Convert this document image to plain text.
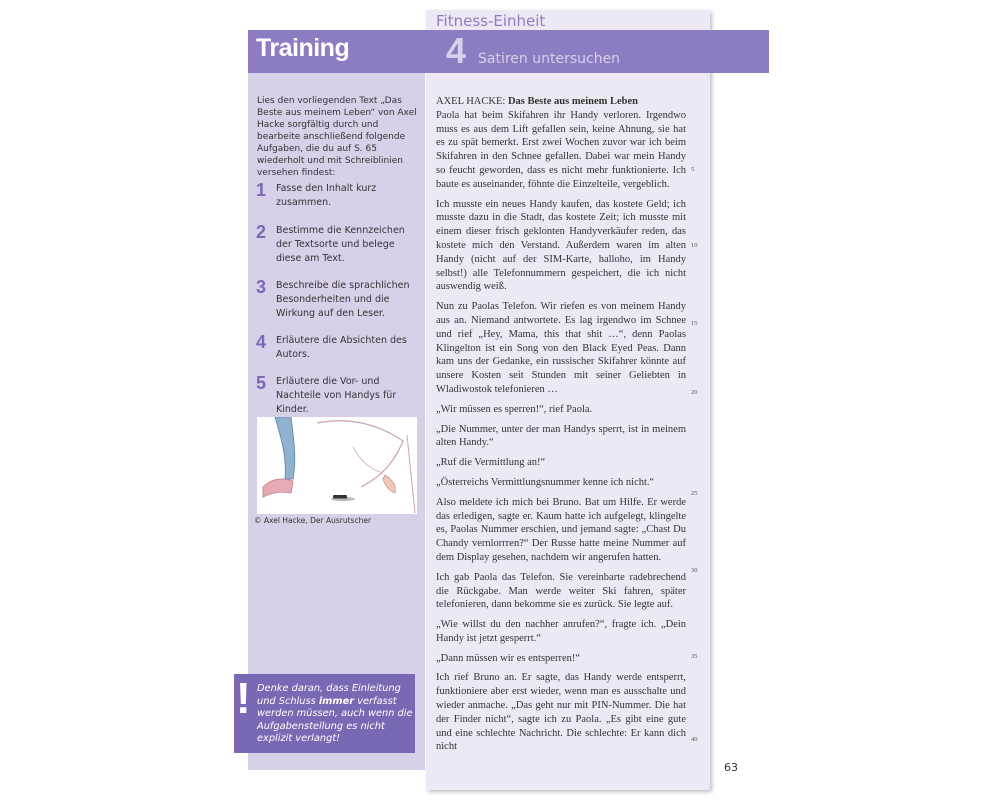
Fitness-Einheit
Training	4 Satiren untersuchen
Lies den vorliegenden Text „Das Beste aus meinem Leben“ von Axel Hacke sorgfältig durch und bearbeite anschließend folgende Aufgaben, die du auf S. 65 wiederholt und mit Schreiblinien versehen findest:
1 Fasse den Inhalt kurz zusammen.
2 Bestimme die Kennzeichen der Textsorte und belege diese am Text.
3 Beschreibe die sprachlichen Besonderheiten und die Wirkung auf den Leser.
4 Erläutere die Absichten des Autors.
5 Erläutere die Vor- und Nachteile von Handys für Kinder.
© Axel Hacke, Der Ausrutscher
! Denke daran, dass Einleitung und Schluss immer verfasst werden müssen, auch wenn die Aufgabenstellung es nicht explizit verlangt!

AXEL HACKE: Das Beste aus meinem Leben

Paola hat beim Skifahren ihr Handy verloren. Irgendwo muss es aus dem Lift gefallen sein, keine Ahnung, sie hat es zu spät bemerkt. Erst zwei Wochen zuvor war ich beim Skifahren in den Schnee gefallen. Dabei war mein Handy so feucht geworden, dass es nicht mehr funktionierte. Ich baute es auseinander, föhnte die Einzelteile, vergeblich.

Ich musste ein neues Handy kaufen, das kostete Geld; ich musste dazu in die Stadt, das kostete Zeit; ich musste mit einem dieser frisch geklonten Handyverkäufer reden, das kostete mich den Verstand. Außerdem waren im alten Handy (nicht auf der SIM-Karte, halloho, im Handy selbst!) alle Telefonnummern gespeichert, die ich nicht auswendig weiß.

Nun zu Paolas Telefon. Wir riefen es von meinem Handy aus an. Niemand antwortete. Es lag irgendwo im Schnee und rief „Hey, Mama, this that shit …“, denn Paolas Klingelton ist ein Song von den Black Eyed Peas. Dann kam uns der Gedanke, ein russischer Skifahrer könnte auf unsere Kosten seit Stunden mit seiner Geliebten in Wladiwostok telefonieren …

„Wir müssen es sperren!“, rief Paola.

„Die Nummer, unter der man Handys sperrt, ist in meinem alten Handy.“

„Ruf die Vermittlung an!“

„Österreichs Vermittlungsnummer kenne ich nicht.“

Also meldete ich mich bei Bruno. Bat um Hilfe. Er werde das erledigen, sagte er. Kaum hatte ich aufgelegt, klingelte es, Paolas Nummer erschien, und jemand sagte: „Chast Du Chandy vernlorrren?“ Der Russe hatte meine Nummer auf dem Display gesehen, nachdem wir angerufen hatten.

Ich gab Paola das Telefon. Sie vereinbarte radebrechend die Rückgabe. Man werde weiter Ski fahren, später telefonieren, dann bekomme sie es zurück. Sie legte auf.

„Wie willst du den nachher anrufen?“, fragte ich. „Dein Handy ist jetzt gesperrt.“

„Dann müssen wir es entsperren!“

Ich rief Bruno an. Er sagte, das Handy werde entsperrt, funktioniere aber erst wieder, wenn man es ausschalte und wieder anmache. „Das geht nur mit PIN-Nummer. Die hat der Finder nicht“, sagte ich zu Paola. „Es gibt eine gute und eine schlechte Nachricht. Die schlechte: Er kann dich nicht

5
10
15
20
25
30
35
40
63
